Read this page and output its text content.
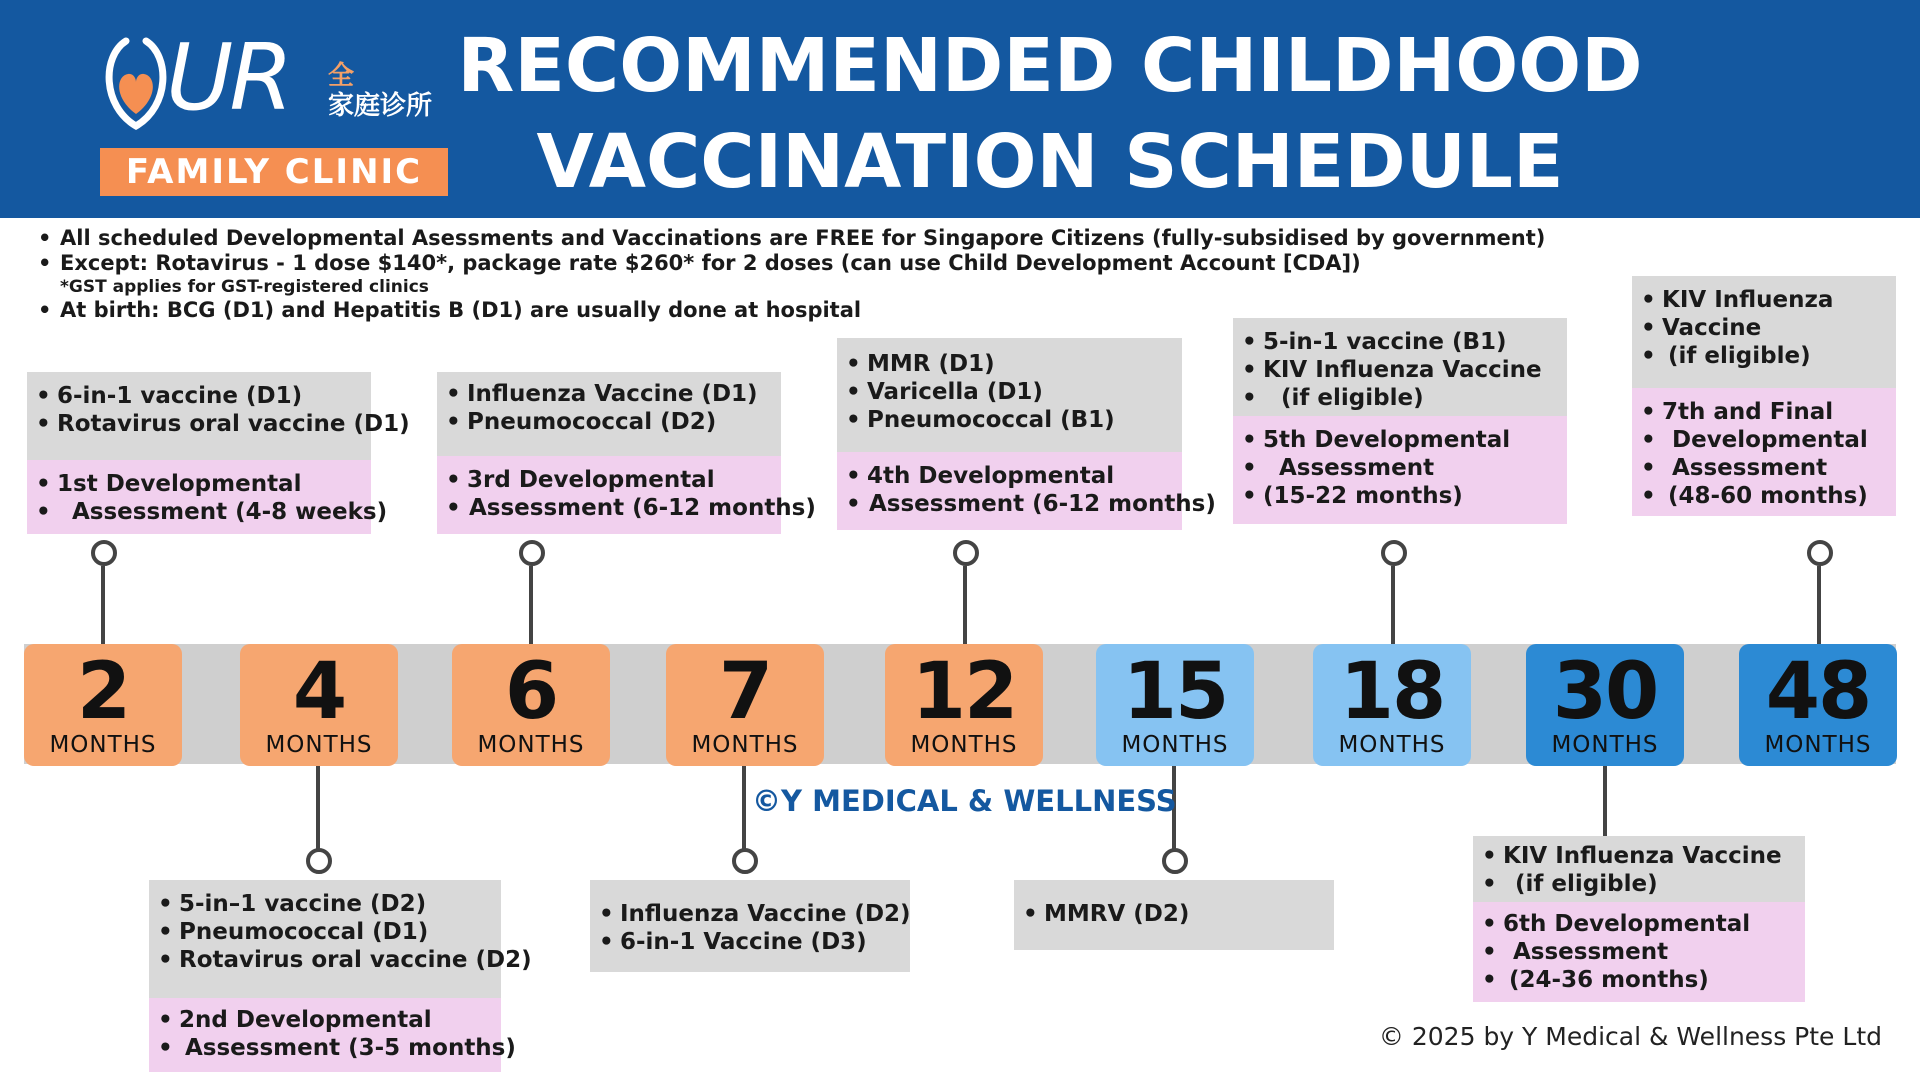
UR 全
家庭诊所
FAMILY CLINIC
RECOMMENDED CHILDHOOD
VACCINATION SCHEDULE
• All scheduled Developmental Asessments and Vaccinations are FREE for Singapore Citizens (fully-subsidised by government)
• Except: Rotavirus - 1 dose $140*, package rate $260* for 2 doses (can use Child Development Account [CDA])
*GST applies for GST-registered clinics
• At birth: BCG (D1) and Hepatitis B (D1) are usually done at hospital
• 6-in-1 vaccine (D1)
• Rotavirus oral vaccine (D1)
• 1st Developmental
• Assessment (4-8 weeks)
• Influenza Vaccine (D1)
• Pneumococcal (D2)
• 3rd Developmental
• Assessment (6-12 months)
• MMR (D1)
• Varicella (D1)
• Pneumococcal (B1)
• 4th Developmental
• Assessment (6-12 months)
• 5-in-1 vaccine (B1)
• KIV Influenza Vaccine
• (if eligible)
• 5th Developmental
• Assessment
• (15-22 months)
• KIV Influenza
• Vaccine
• (if eligible)
• 7th and Final
• Developmental
• Assessment
• (48-60 months)
2
MONTHS
4
MONTHS
6
MONTHS
7
MONTHS
12
MONTHS
15
MONTHS
18
MONTHS
30
MONTHS
48
MONTHS
©Y MEDICAL & WELLNESS
• 5-in–1 vaccine (D2)
• Pneumococcal (D1)
• Rotavirus oral vaccine (D2)
• 2nd Developmental
• Assessment (3-5 months)
• Influenza Vaccine (D2)
• 6-in-1 Vaccine (D3)
• MMRV (D2)
• KIV Influenza Vaccine
• (if eligible)
• 6th Developmental
• Assessment
• (24-36 months)
© 2025 by Y Medical & Wellness Pte Ltd
